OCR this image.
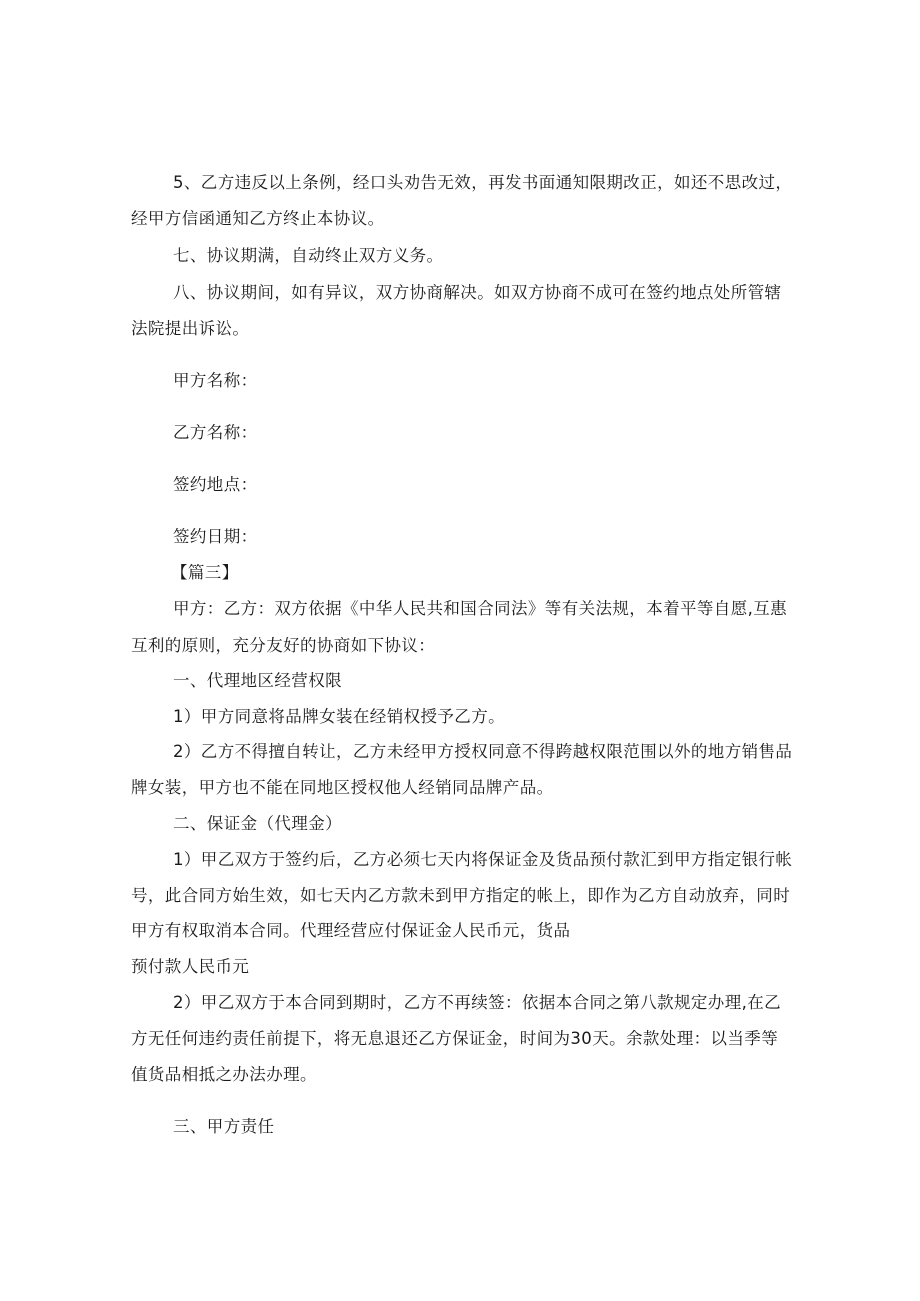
5、乙方违反以上条例，经口头劝告无效，再发书面通知限期改正，如还不思改过，
经甲方信函通知乙方终止本协议。
七、协议期满，自动终止双方义务。
八、协议期间，如有异议，双方协商解决。如双方协商不成可在签约地点处所管辖
法院提出诉讼。
甲方名称：
乙方名称：
签约地点：
签约日期：
【篇三】
甲方：乙方：双方依据《中华人民共和国合同法》等有关法规，本着平等自愿,互惠
互利的原则，充分友好的协商如下协议：
一、代理地区经营权限
1）甲方同意将品牌女装在经销权授予乙方。
2）乙方不得擅自转让，乙方未经甲方授权同意不得跨越权限范围以外的地方销售品
牌女装，甲方也不能在同地区授权他人经销同品牌产品。
二、保证金（代理金）
1）甲乙双方于签约后，乙方必须七天内将保证金及货品预付款汇到甲方指定银行帐
号，此合同方始生效，如七天内乙方款未到甲方指定的帐上，即作为乙方自动放弃，同时
甲方有权取消本合同。代理经营应付保证金人民币元，货品
预付款人民币元
2）甲乙双方于本合同到期时，乙方不再续签：依据本合同之第八款规定办理,在乙
方无任何违约责任前提下，将无息退还乙方保证金，时间为30天。余款处理：以当季等
值货品相抵之办法办理。
三、甲方责任
